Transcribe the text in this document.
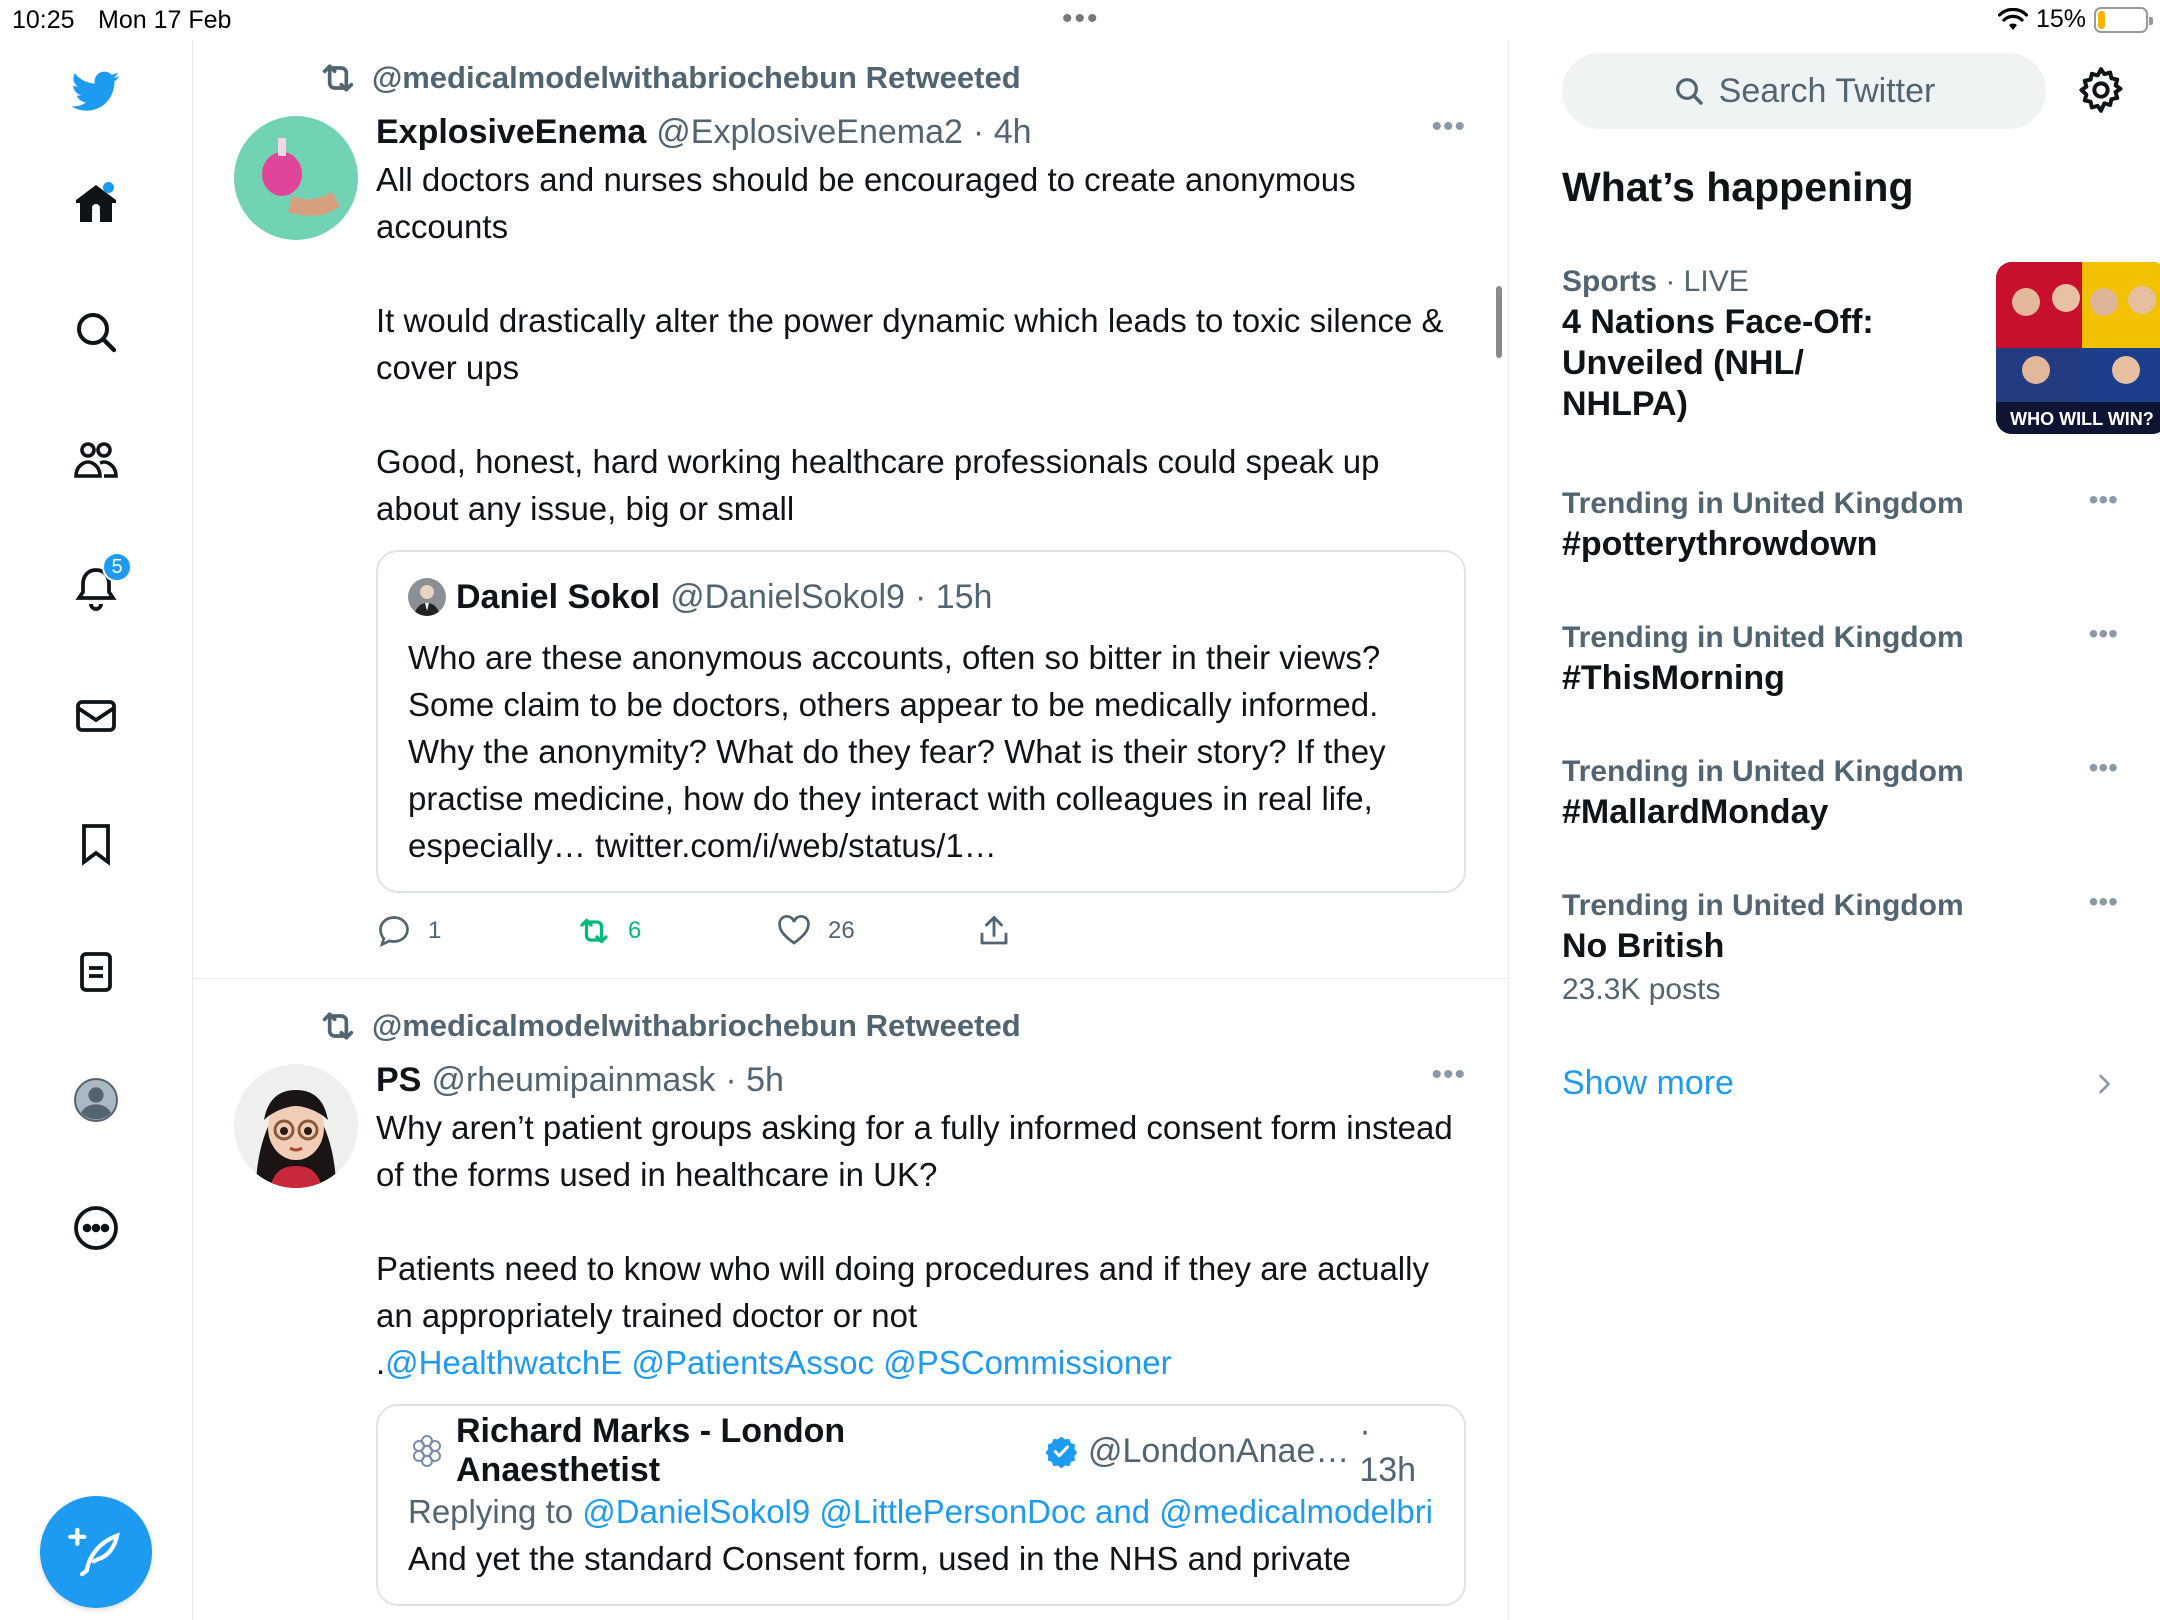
10:25 Mon 17 Feb	•••	15%
5
@medicalmodelwithabriochebun Retweeted
ExplosiveEnema @ExplosiveEnema2 · 4h	•••
All doctors and nurses should be encouraged to create anonymous accounts

It would drastically alter the power dynamic which leads to toxic silence & cover ups

Good, honest, hard working healthcare professionals could speak up about any issue, big or small
Daniel Sokol @DanielSokol9 · 15h
Who are these anonymous accounts, often so bitter in their views? Some claim to be doctors, others appear to be medically informed. Why the anonymity? What do they fear? What is their story? If they practise medicine, how do they interact with colleagues in real life, especially… twitter.com/i/web/status/1…
1	6	26
@medicalmodelwithabriochebun Retweeted
PS @rheumipainmask · 5h	•••
Why aren’t patient groups asking for a fully informed consent form instead of the forms used in healthcare in UK?

Patients need to know who will doing procedures and if they are actually an appropriately trained doctor or not
.@HealthwatchE @PatientsAssoc @PSCommissioner
Richard Marks - London Anaesthetist
@LondonAnae…
· 13h
Replying to @DanielSokol9 @LittlePersonDoc and @medicalmodelbri
And yet the standard Consent form, used in the NHS and private
Search Twitter
What’s happening
Sports · LIVE
4 Nations Face-Off: Unveiled (NHL/ NHLPA)	WHO WILL WIN?
Trending in United Kingdom
#potterythrowdown
•••
Trending in United Kingdom
#ThisMorning
•••
Trending in United Kingdom
#MallardMonday
•••
Trending in United Kingdom
No British
23.3K posts
•••
Show more
